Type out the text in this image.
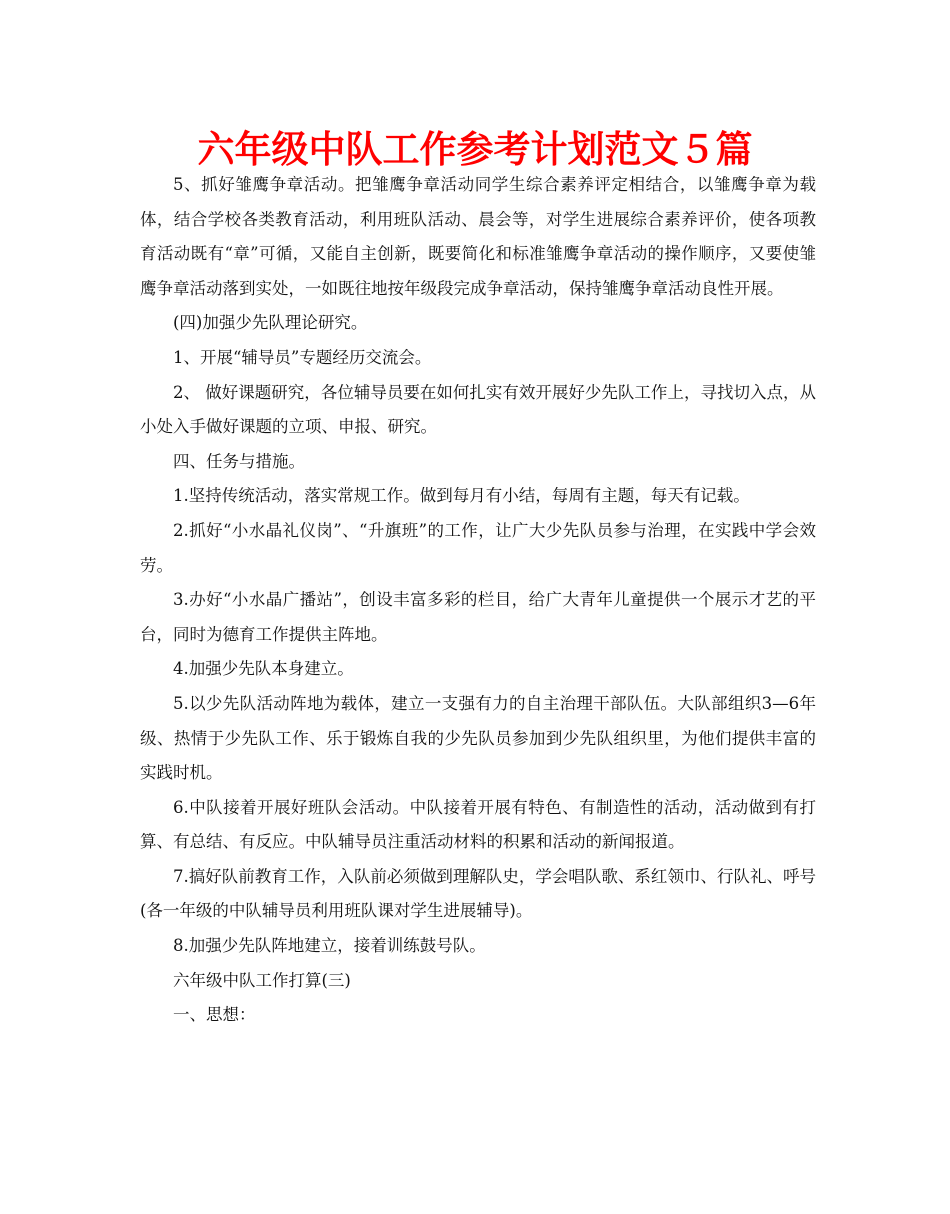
六年级中队工作参考计划范文５篇

5、抓好雏鹰争章活动。把雏鹰争章活动同学生综合素养评定相结合，以雏鹰争章为载体，结合学校各类教育活动，利用班队活动、晨会等，对学生进展综合素养评价，使各项教育活动既有“章”可循，又能自主创新，既要简化和标准雏鹰争章活动的操作顺序，又要使雏鹰争章活动落到实处，一如既往地按年级段完成争章活动，保持雏鹰争章活动良性开展。

(四)加强少先队理论研究。

1、开展“辅导员”专题经历交流会。

2、 做好课题研究，各位辅导员要在如何扎实有效开展好少先队工作上，寻找切入点，从小处入手做好课题的立项、申报、研究。

四、任务与措施。

1.坚持传统活动，落实常规工作。做到每月有小结，每周有主题，每天有记载。

2.抓好“小水晶礼仪岗”、“升旗班”的工作，让广大少先队员参与治理，在实践中学会效劳。

3.办好“小水晶广播站”，创设丰富多彩的栏目，给广大青年儿童提供一个展示才艺的平台，同时为德育工作提供主阵地。

4.加强少先队本身建立。

5.以少先队活动阵地为载体，建立一支强有力的自主治理干部队伍。大队部组织3—6年级、热情于少先队工作、乐于锻炼自我的少先队员参加到少先队组织里，为他们提供丰富的实践时机。

6.中队接着开展好班队会活动。中队接着开展有特色、有制造性的活动，活动做到有打算、有总结、有反应。中队辅导员注重活动材料的积累和活动的新闻报道。

7.搞好队前教育工作，入队前必须做到理解队史，学会唱队歌、系红领巾、行队礼、呼号(各一年级的中队辅导员利用班队课对学生进展辅导)。

8.加强少先队阵地建立，接着训练鼓号队。

六年级中队工作打算(三)

一、思想：
